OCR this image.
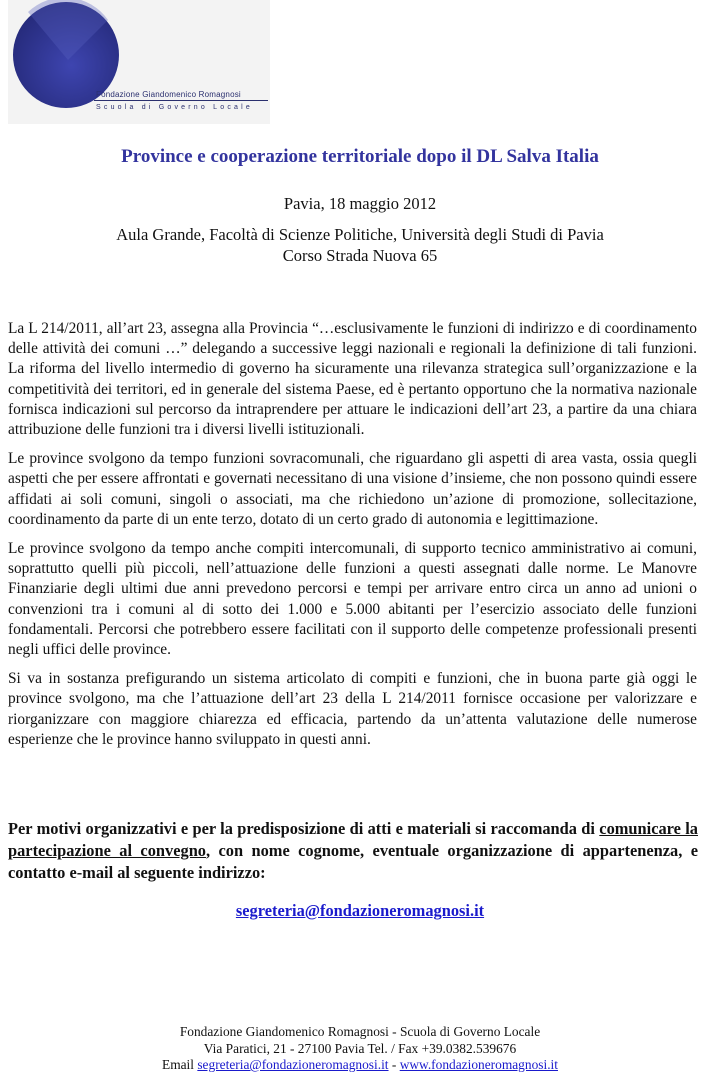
Fondazione Giandomenico Romagnosi
Scuola di Governo Locale
Province e cooperazione territoriale dopo il DL Salva Italia
Pavia, 18 maggio 2012
Aula Grande, Facoltà di Scienze Politiche, Università degli Studi di Pavia
Corso Strada Nuova 65

La L 214/2011, all’art 23, assegna alla Provincia “…esclusivamente le funzioni di indirizzo e di coordinamento delle attività dei comuni …” delegando a successive leggi nazionali e regionali la definizione di tali funzioni. La riforma del livello intermedio di governo ha sicuramente una rilevanza strategica sull’organizzazione e la competitività dei territori, ed in generale del sistema Paese, ed è pertanto opportuno che la normativa nazionale fornisca indicazioni sul percorso da intraprendere per attuare le indicazioni dell’art 23, a partire da una chiara attribuzione delle funzioni tra i diversi livelli istituzionali.

Le province svolgono da tempo funzioni sovracomunali, che riguardano gli aspetti di area vasta, ossia quegli aspetti che per essere affrontati e governati necessitano di una visione d’insieme, che non possono quindi essere affidati ai soli comuni, singoli o associati, ma che richiedono un’azione di promozione, sollecitazione, coordinamento da parte di un ente terzo, dotato di un certo grado di autonomia e legittimazione.

Le province svolgono da tempo anche compiti intercomunali, di supporto tecnico amministrativo ai comuni, soprattutto quelli più piccoli, nell’attuazione delle funzioni a questi assegnati dalle norme. Le Manovre Finanziarie degli ultimi due anni prevedono percorsi e tempi per arrivare entro circa un anno ad unioni o convenzioni tra i comuni al di sotto dei 1.000 e 5.000 abitanti per l’esercizio associato delle funzioni fondamentali. Percorsi che potrebbero essere facilitati con il supporto delle competenze professionali presenti negli uffici delle province.

Si va in sostanza prefigurando un sistema articolato di compiti e funzioni, che in buona parte già oggi le province svolgono, ma che l’attuazione dell’art 23 della L 214/2011 fornisce occasione per valorizzare e riorganizzare con maggiore chiarezza ed efficacia, partendo da un’attenta valutazione delle numerose esperienze che le province hanno sviluppato in questi anni.

Per motivi organizzativi e per la predisposizione di atti e materiali si raccomanda di comunicare la partecipazione al convegno, con nome cognome, eventuale organizzazione di appartenenza, e contatto e-mail al seguente indirizzo:
segreteria@fondazioneromagnosi.it
Fondazione Giandomenico Romagnosi - Scuola di Governo Locale
Via Paratici, 21 - 27100 Pavia Tel. / Fax +39.0382.539676
Email segreteria@fondazioneromagnosi.it - www.fondazioneromagnosi.it
